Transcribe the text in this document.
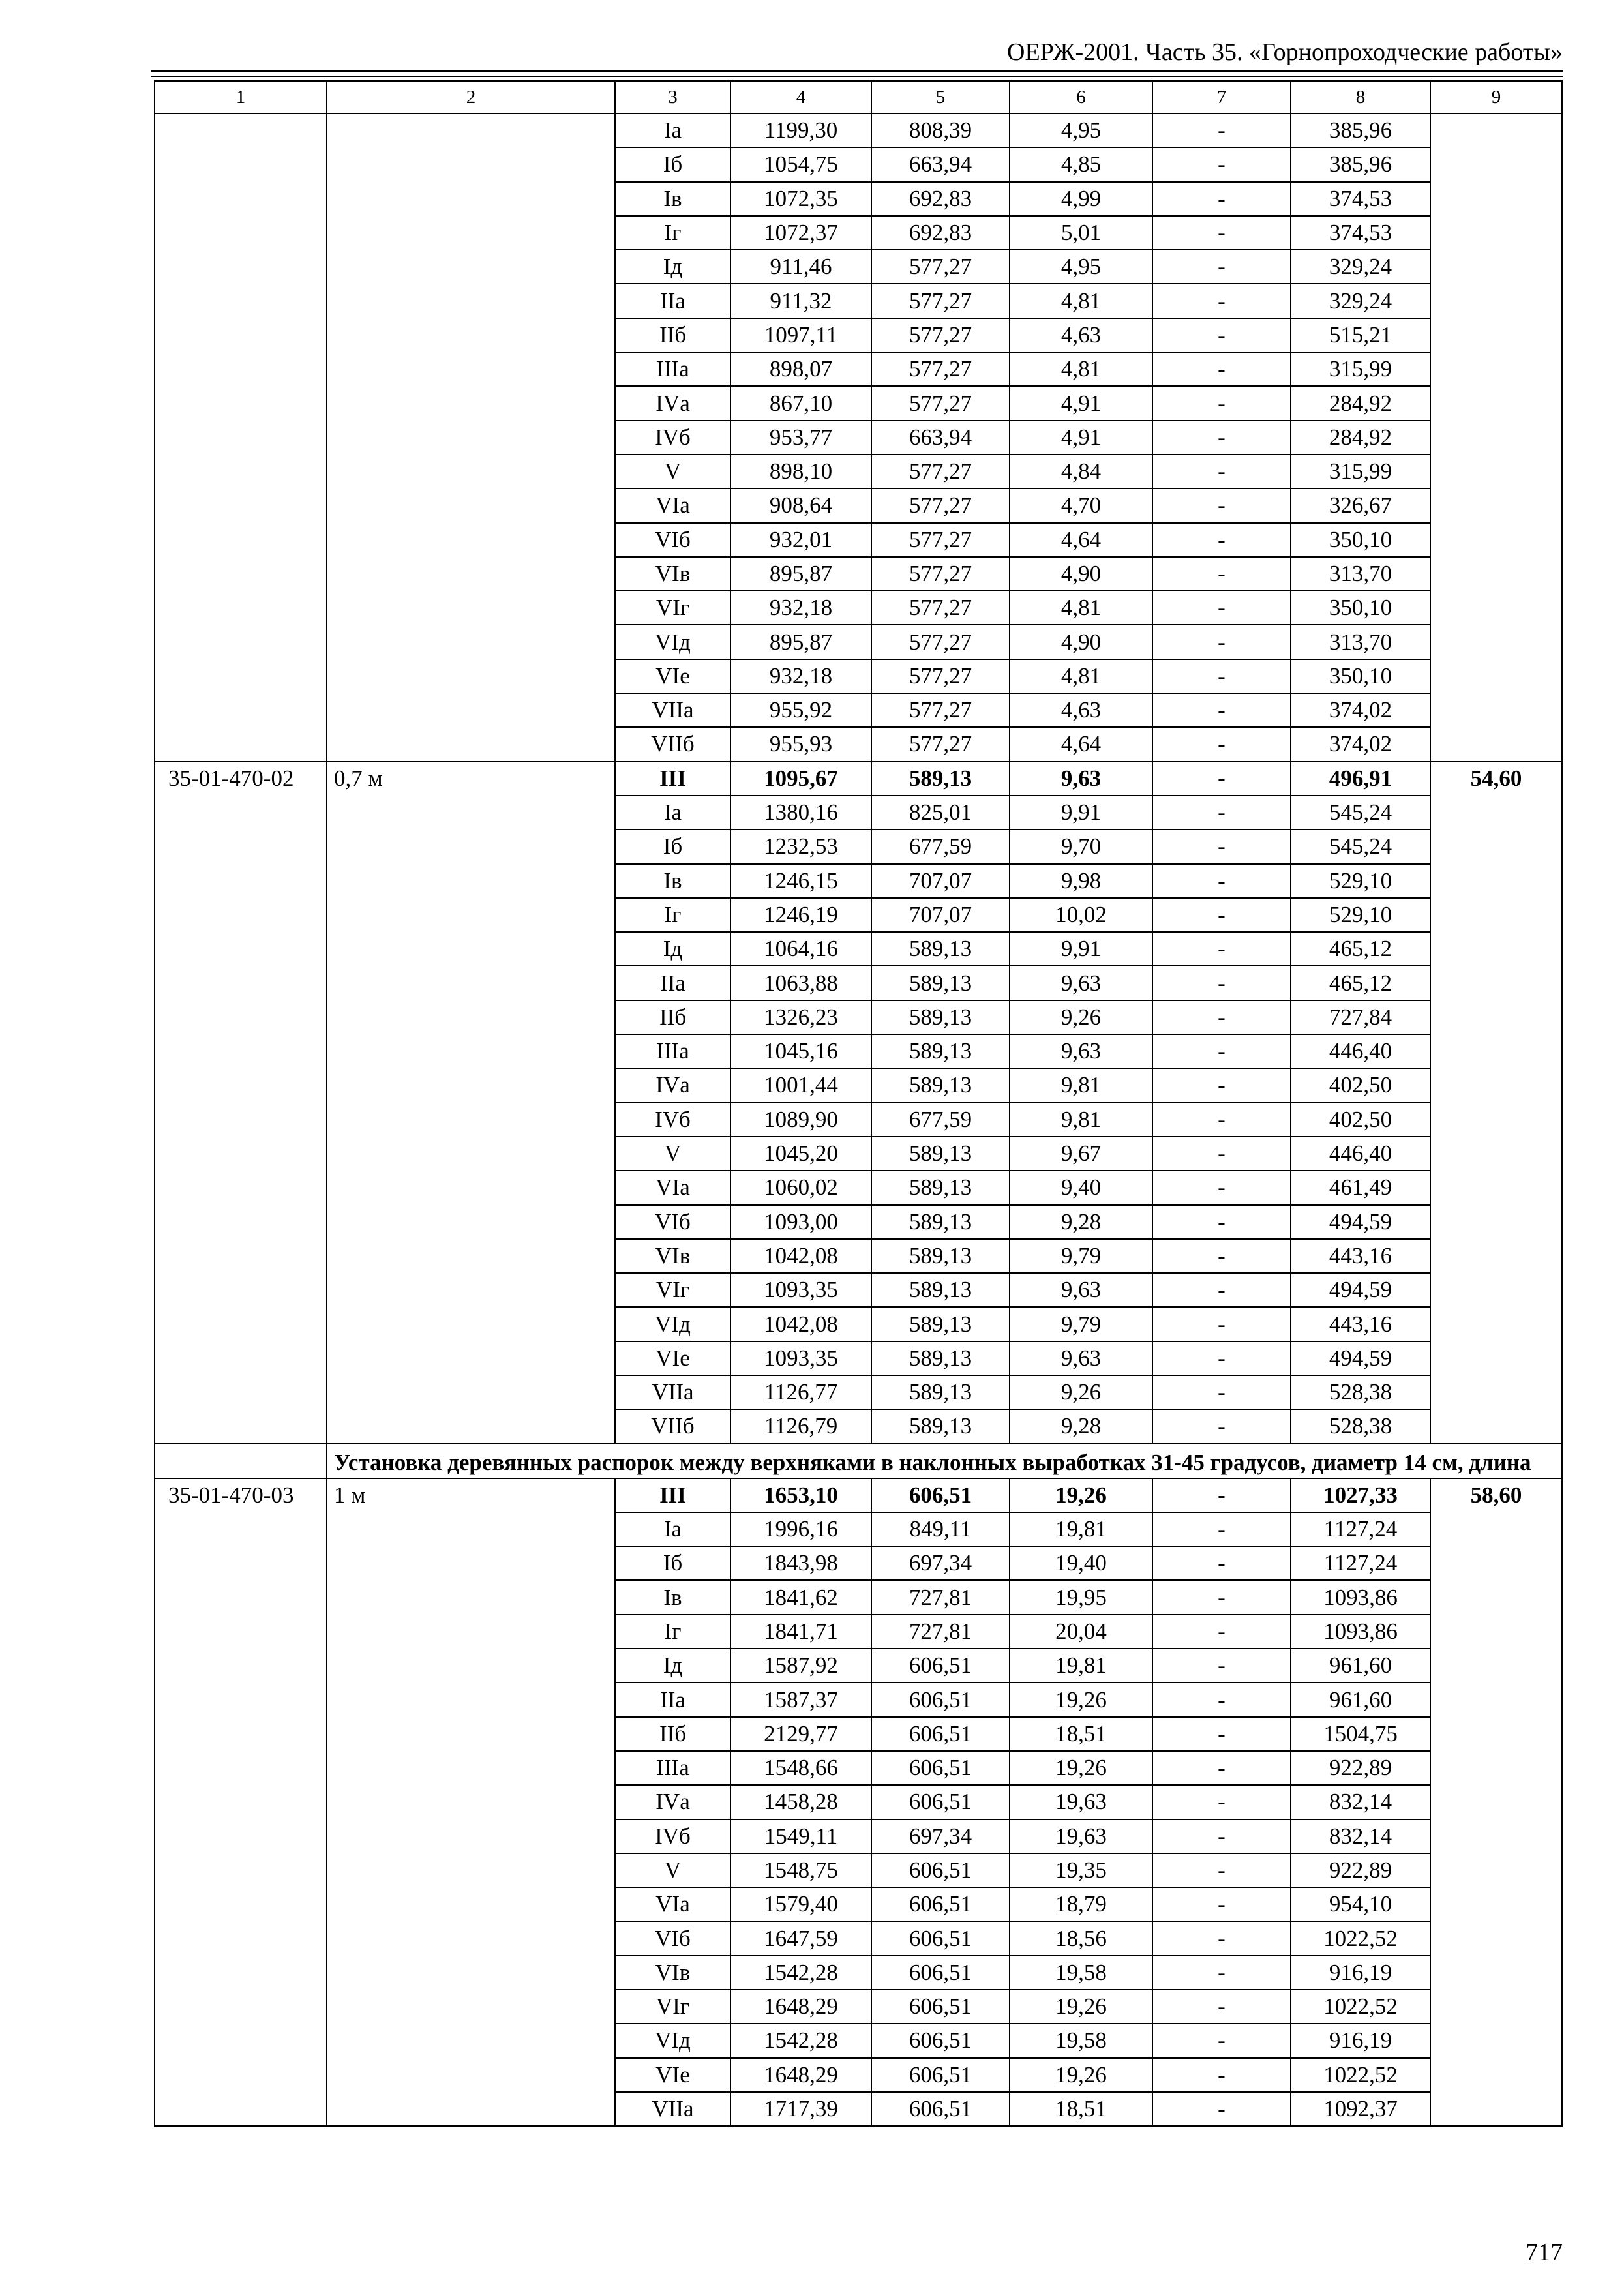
ОЕРЖ-2001. Часть 35. «Горнопроходческие работы»
1	2	3	4	5	6	7	8	9
		Iа	1199,30	808,39	4,95	-	385,96	
		Iб	1054,75	663,94	4,85	-	385,96	
		Iв	1072,35	692,83	4,99	-	374,53	
		Iг	1072,37	692,83	5,01	-	374,53	
		Iд	911,46	577,27	4,95	-	329,24	
		IIа	911,32	577,27	4,81	-	329,24	
		IIб	1097,11	577,27	4,63	-	515,21	
		IIIа	898,07	577,27	4,81	-	315,99	
		IVа	867,10	577,27	4,91	-	284,92	
		IVб	953,77	663,94	4,91	-	284,92	
		V	898,10	577,27	4,84	-	315,99	
		VIа	908,64	577,27	4,70	-	326,67	
		VIб	932,01	577,27	4,64	-	350,10	
		VIв	895,87	577,27	4,90	-	313,70	
		VIг	932,18	577,27	4,81	-	350,10	
		VIд	895,87	577,27	4,90	-	313,70	
		VIе	932,18	577,27	4,81	-	350,10	
		VIIа	955,92	577,27	4,63	-	374,02	
		VIIб	955,93	577,27	4,64	-	374,02	
35-01-470-02	0,7 м	III	1095,67	589,13	9,63	-	496,91	54,60
		Iа	1380,16	825,01	9,91	-	545,24	
		Iб	1232,53	677,59	9,70	-	545,24	
		Iв	1246,15	707,07	9,98	-	529,10	
		Iг	1246,19	707,07	10,02	-	529,10	
		Iд	1064,16	589,13	9,91	-	465,12	
		IIа	1063,88	589,13	9,63	-	465,12	
		IIб	1326,23	589,13	9,26	-	727,84	
		IIIа	1045,16	589,13	9,63	-	446,40	
		IVа	1001,44	589,13	9,81	-	402,50	
		IVб	1089,90	677,59	9,81	-	402,50	
		V	1045,20	589,13	9,67	-	446,40	
		VIа	1060,02	589,13	9,40	-	461,49	
		VIб	1093,00	589,13	9,28	-	494,59	
		VIв	1042,08	589,13	9,79	-	443,16	
		VIг	1093,35	589,13	9,63	-	494,59	
		VIд	1042,08	589,13	9,79	-	443,16	
		VIе	1093,35	589,13	9,63	-	494,59	
		VIIа	1126,77	589,13	9,26	-	528,38	
		VIIб	1126,79	589,13	9,28	-	528,38	
	Установка деревянных распорок между верхняками в наклонных выработках 31-45 градусов, диаметр 14 см, длина							
35-01-470-03	1 м	III	1653,10	606,51	19,26	-	1027,33	58,60
		Iа	1996,16	849,11	19,81	-	1127,24	
		Iб	1843,98	697,34	19,40	-	1127,24	
		Iв	1841,62	727,81	19,95	-	1093,86	
		Iг	1841,71	727,81	20,04	-	1093,86	
		Iд	1587,92	606,51	19,81	-	961,60	
		IIа	1587,37	606,51	19,26	-	961,60	
		IIб	2129,77	606,51	18,51	-	1504,75	
		IIIа	1548,66	606,51	19,26	-	922,89	
		IVа	1458,28	606,51	19,63	-	832,14	
		IVб	1549,11	697,34	19,63	-	832,14	
		V	1548,75	606,51	19,35	-	922,89	
		VIа	1579,40	606,51	18,79	-	954,10	
		VIб	1647,59	606,51	18,56	-	1022,52	
		VIв	1542,28	606,51	19,58	-	916,19	
		VIг	1648,29	606,51	19,26	-	1022,52	
		VIд	1542,28	606,51	19,58	-	916,19	
		VIе	1648,29	606,51	19,26	-	1022,52	
		VIIа	1717,39	606,51	18,51	-	1092,37	
717
